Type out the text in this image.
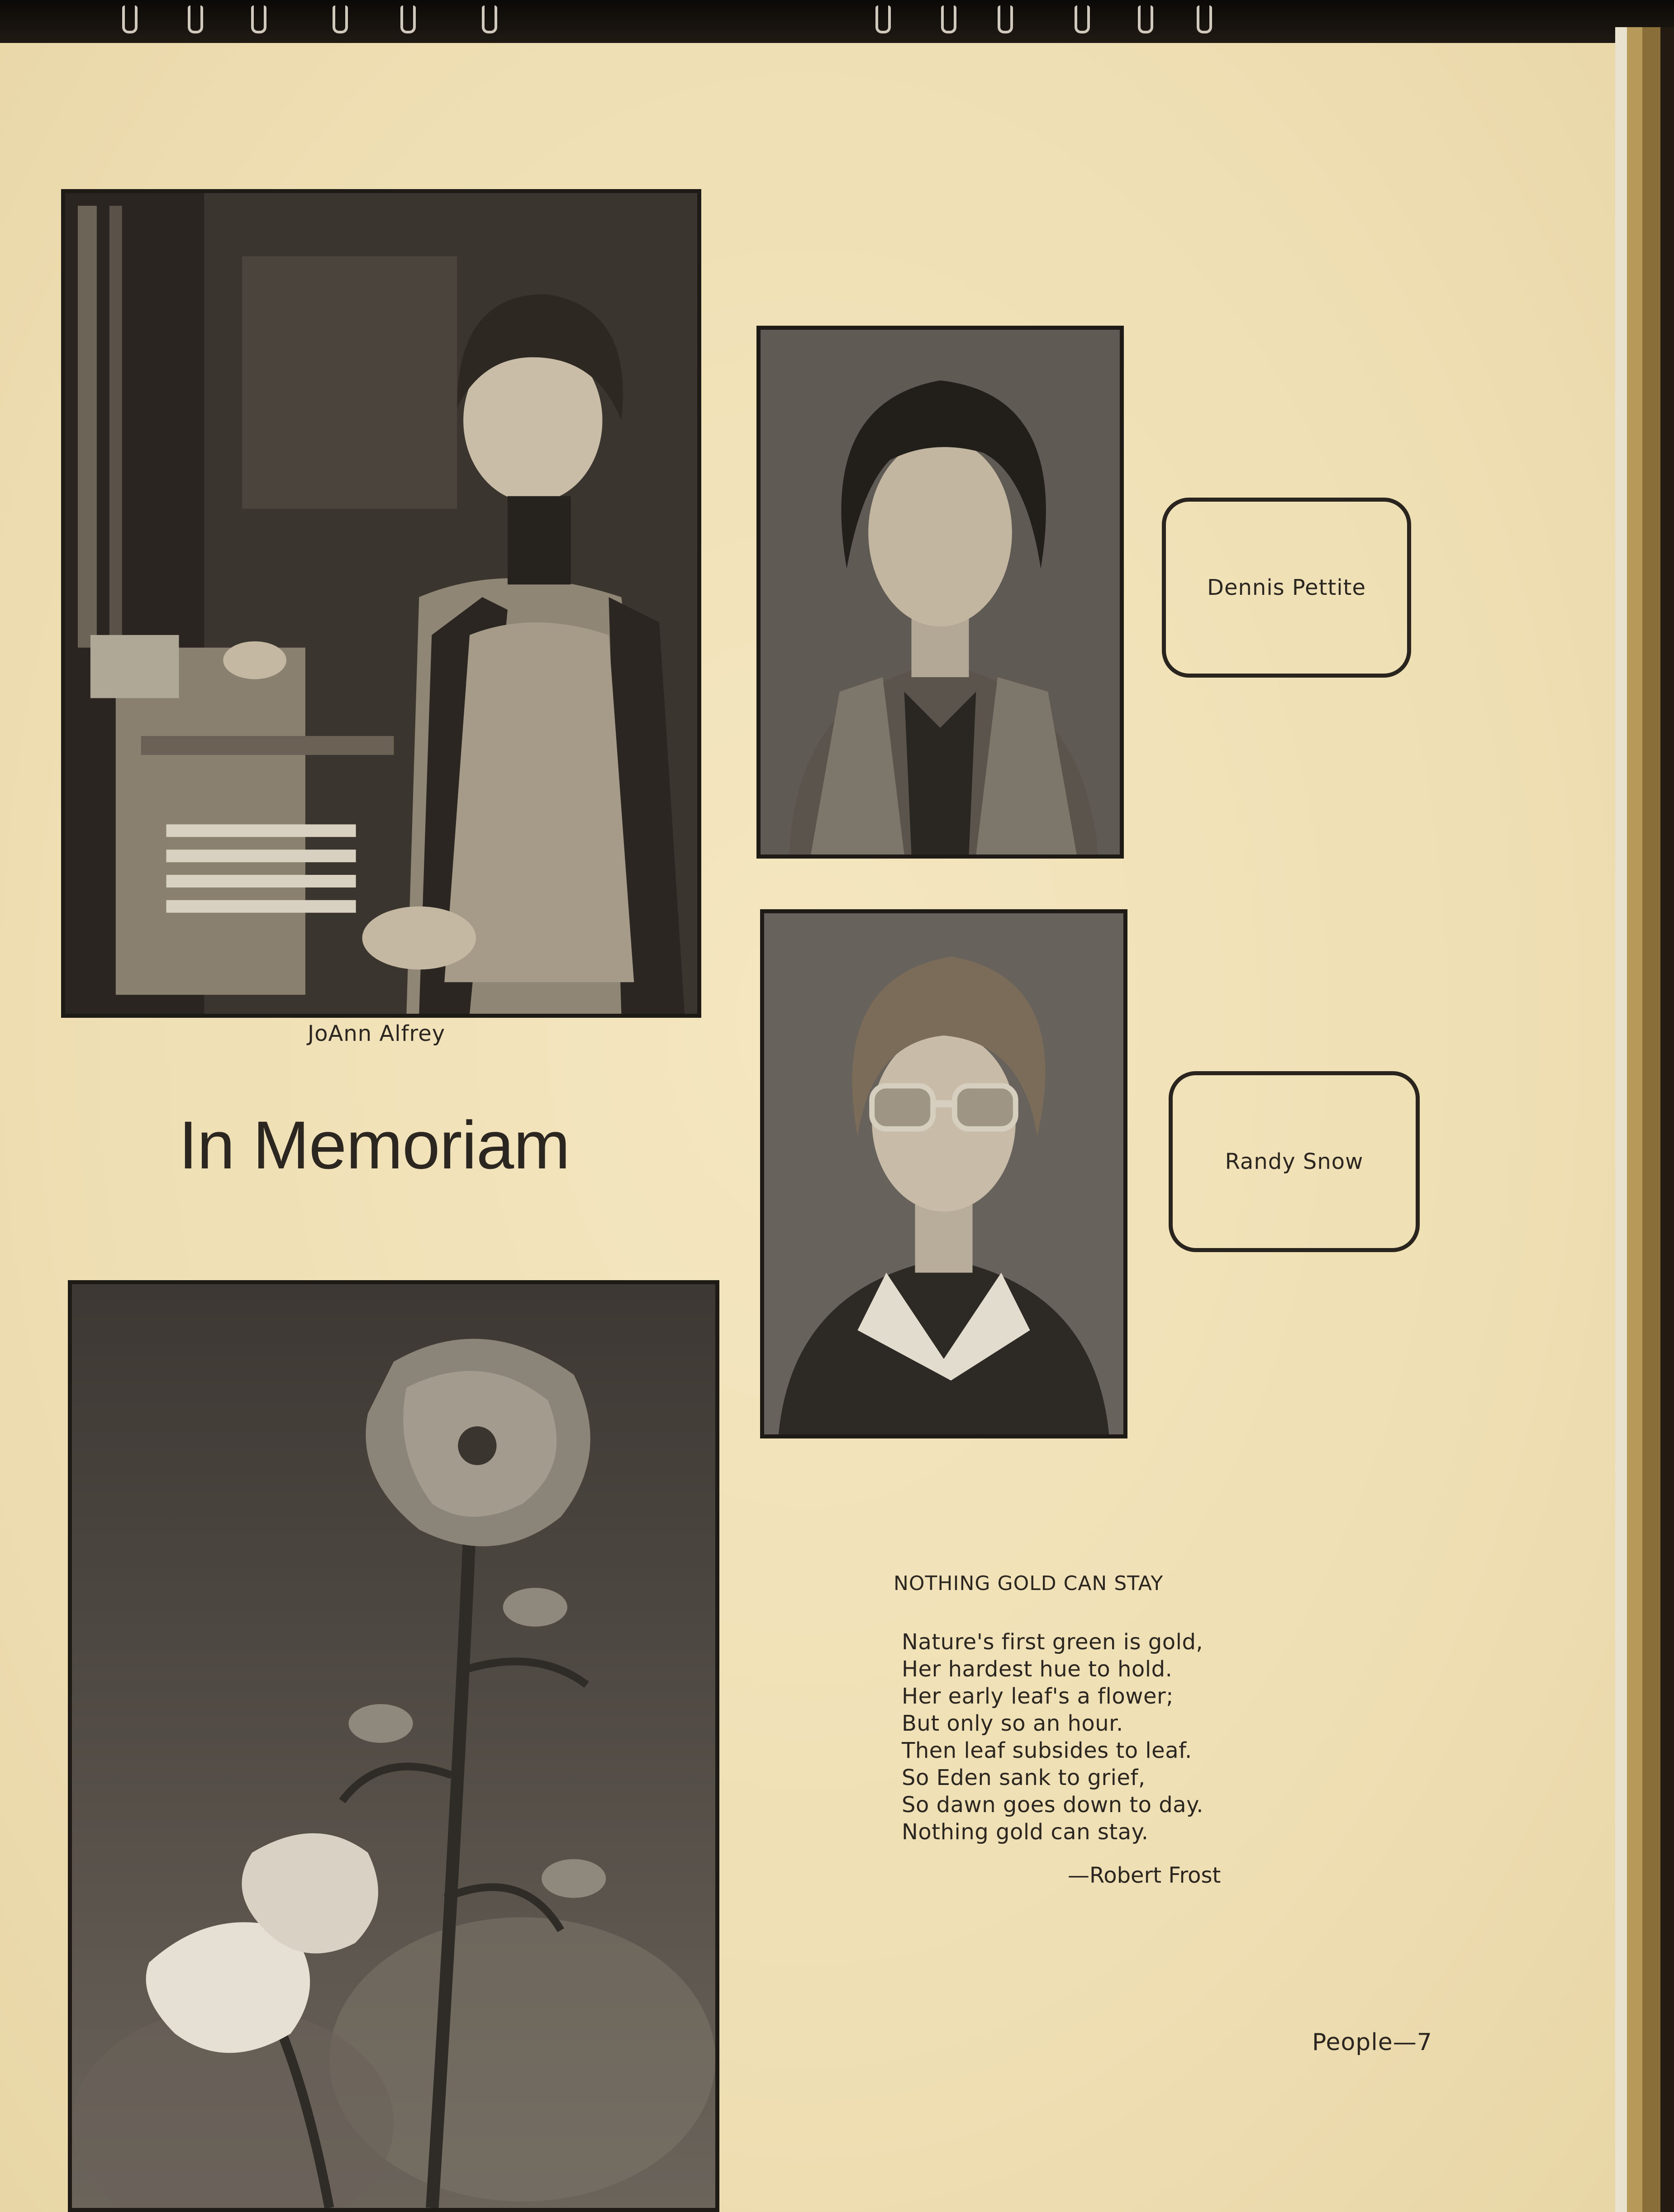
JoAnn Alfrey
Dennis Pettite
Randy Snow
In Memoriam
NOTHING GOLD CAN STAY
Nature's first green is gold,
Her hardest hue to hold.
Her early leaf's a flower;
But only so an hour.
Then leaf subsides to leaf.
So Eden sank to grief,
So dawn goes down to day.
Nothing gold can stay.
—Robert Frost
People—7
